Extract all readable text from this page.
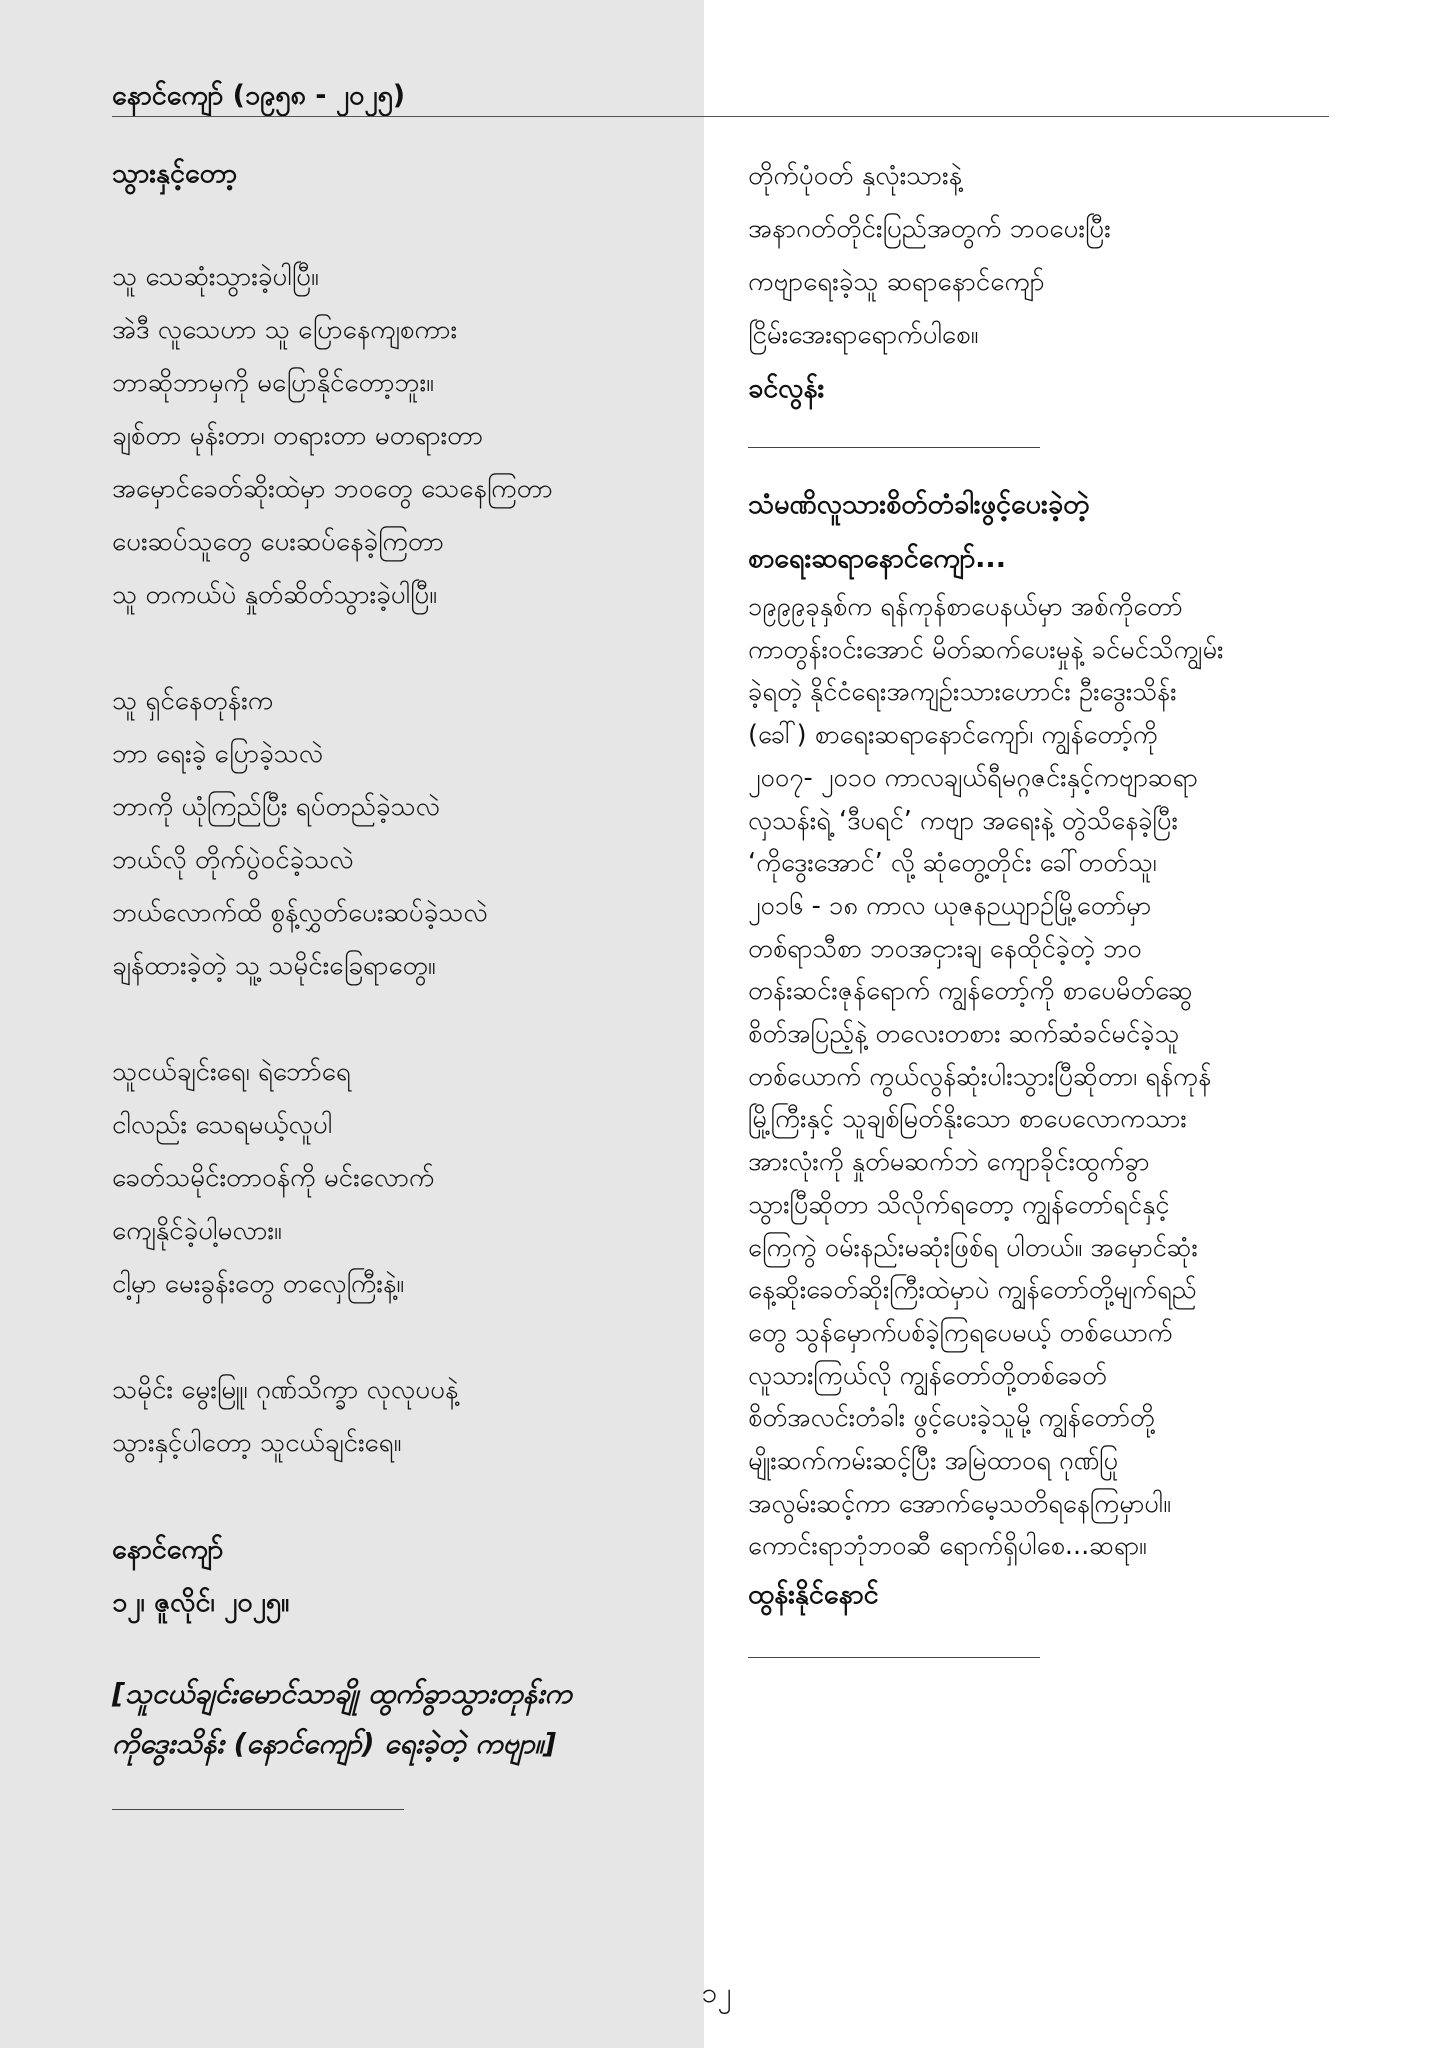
နောင်ကျော် (၁၉၅၈ - ၂၀၂၅)
သွားနှင့်တော့
သူ သေဆုံးသွားခဲ့ပါပြီ။
အဲဒီ လူသေဟာ သူ ပြောနေကျစကား
ဘာဆိုဘာမှကို မပြောနိုင်တော့ဘူး။
ချစ်တာ မုန်းတာ၊ တရားတာ မတရားတာ
အမှောင်ခေတ်ဆိုးထဲမှာ ဘဝတွေ သေနေကြတာ
ပေးဆပ်သူတွေ ပေးဆပ်နေခဲ့ကြတာ
သူ တကယ်ပဲ နှုတ်ဆိတ်သွားခဲ့ပါပြီ။
သူ ရှင်နေတုန်းက
ဘာ ရေးခဲ့ ပြောခဲ့သလဲ
ဘာကို ယုံကြည်ပြီး ရပ်တည်ခဲ့သလဲ
ဘယ်လို တိုက်ပွဲဝင်ခဲ့သလဲ
ဘယ်လောက်ထိ စွန့်လွှတ်ပေးဆပ်ခဲ့သလဲ
ချန်ထားခဲ့တဲ့ သူ့ သမိုင်းခြေရာတွေ။
သူငယ်ချင်းရေ၊ ရဲဘော်ရေ
ငါလည်း သေရမယ့်လူပါ
ခေတ်သမိုင်းတာဝန်ကို မင်းလောက်
ကျေနိုင်ခဲ့ပါ့မလား။
ငါ့မှာ မေးခွန်းတွေ တလှေကြီးနဲ့။
သမိုင်း မွေးမြူ၊ ဂုဏ်သိက္ခာ လုလုပပနဲ့
သွားနှင့်ပါတော့ သူငယ်ချင်းရေ။
နောင်ကျော်
၁၂၊ ဇူလိုင်၊ ၂၀၂၅။
[သူငယ်ချင်းမောင်သာချို ထွက်ခွာသွားတုန်းက
ကိုဒွေးသိန်း (နောင်ကျော်) ရေးခဲ့တဲ့ ကဗျာ။]
တိုက်ပုံဝတ် နှလုံးသားနဲ့
အနာဂတ်တိုင်းပြည်အတွက် ဘဝပေးပြီး
ကဗျာရေးခဲ့သူ ဆရာနောင်ကျော်
ငြိမ်းအေးရာရောက်ပါစေ။
ခင်လွန်း
သံမဏိလူသားစိတ်တံခါးဖွင့်ပေးခဲ့တဲ့
စာရေးဆရာနောင်ကျော်...
၁၉၉၉ခုနှစ်က ရန်ကုန်စာပေနယ်မှာ အစ်ကိုတော်
ကာတွန်းဝင်းအောင် မိတ်ဆက်ပေးမှုနဲ့ ခင်မင်သိကျွမ်း
ခဲ့ရတဲ့ နိုင်ငံရေးအကျဉ်းသားဟောင်း ဦးဒွေးသိန်း
(ခေါ်) စာရေးဆရာနောင်ကျော်၊ ကျွန်တော့်ကို
၂၀၀၇- ၂၀၁၀ ကာလချယ်ရီမဂ္ဂဇင်းနှင့်ကဗျာဆရာ
လှသန်းရဲ့ ‘ဒီပရင်’ ကဗျာ အရေးနဲ့ တွဲသိနေခဲ့ပြီး
‘ကိုဒွေးအောင်’ လို့ ဆုံတွေ့တိုင်း ခေါ်တတ်သူ၊
၂၀၁၆ - ၁၈ ကာလ ယုဇနဉယျာဉ်မြို့တော်မှာ
တစ်ရာသီစာ ဘဝအငှားချ နေထိုင်ခဲ့တဲ့ ဘဝ
တန်းဆင်းဇုန်ရောက် ကျွန်တော့်ကို စာပေမိတ်ဆွေ
စိတ်အပြည့်နဲ့ တလေးတစား ဆက်ဆံခင်မင်ခဲ့သူ
တစ်ယောက် ကွယ်လွန်ဆုံးပါးသွားပြီဆိုတာ၊ ရန်ကုန်
မြို့ကြီးနှင့် သူချစ်မြတ်နိုးသော စာပေလောကသား
အားလုံးကို နှုတ်မဆက်ဘဲ ကျောခိုင်းထွက်ခွာ
သွားပြီဆိုတာ သိလိုက်ရတော့ ကျွန်တော်ရင်နှင့်
ကြေကွဲ ဝမ်းနည်းမဆုံးဖြစ်ရ ပါတယ်။ အမှောင်ဆုံး
နေ့ဆိုးခေတ်ဆိုးကြီးထဲမှာပဲ ကျွန်တော်တို့မျက်ရည်
တွေ သွန်မှောက်ပစ်ခဲ့ကြရပေမယ့် တစ်ယောက်
လူသားကြယ်လို ကျွန်တော်တို့တစ်ခေတ်
စိတ်အလင်းတံခါး ဖွင့်ပေးခဲ့သူမို့ ကျွန်တော်တို့
မျိုးဆက်ကမ်းဆင့်ပြီး အမြဲထာဝရ ဂုဏ်ပြု
အလွမ်းဆင့်ကာ အောက်မေ့သတိရနေကြမှာပါ။
ကောင်းရာဘုံဘဝဆီ ရောက်ရှိပါစေ...ဆရာ။
ထွန်းနိုင်နောင်
၁၂
